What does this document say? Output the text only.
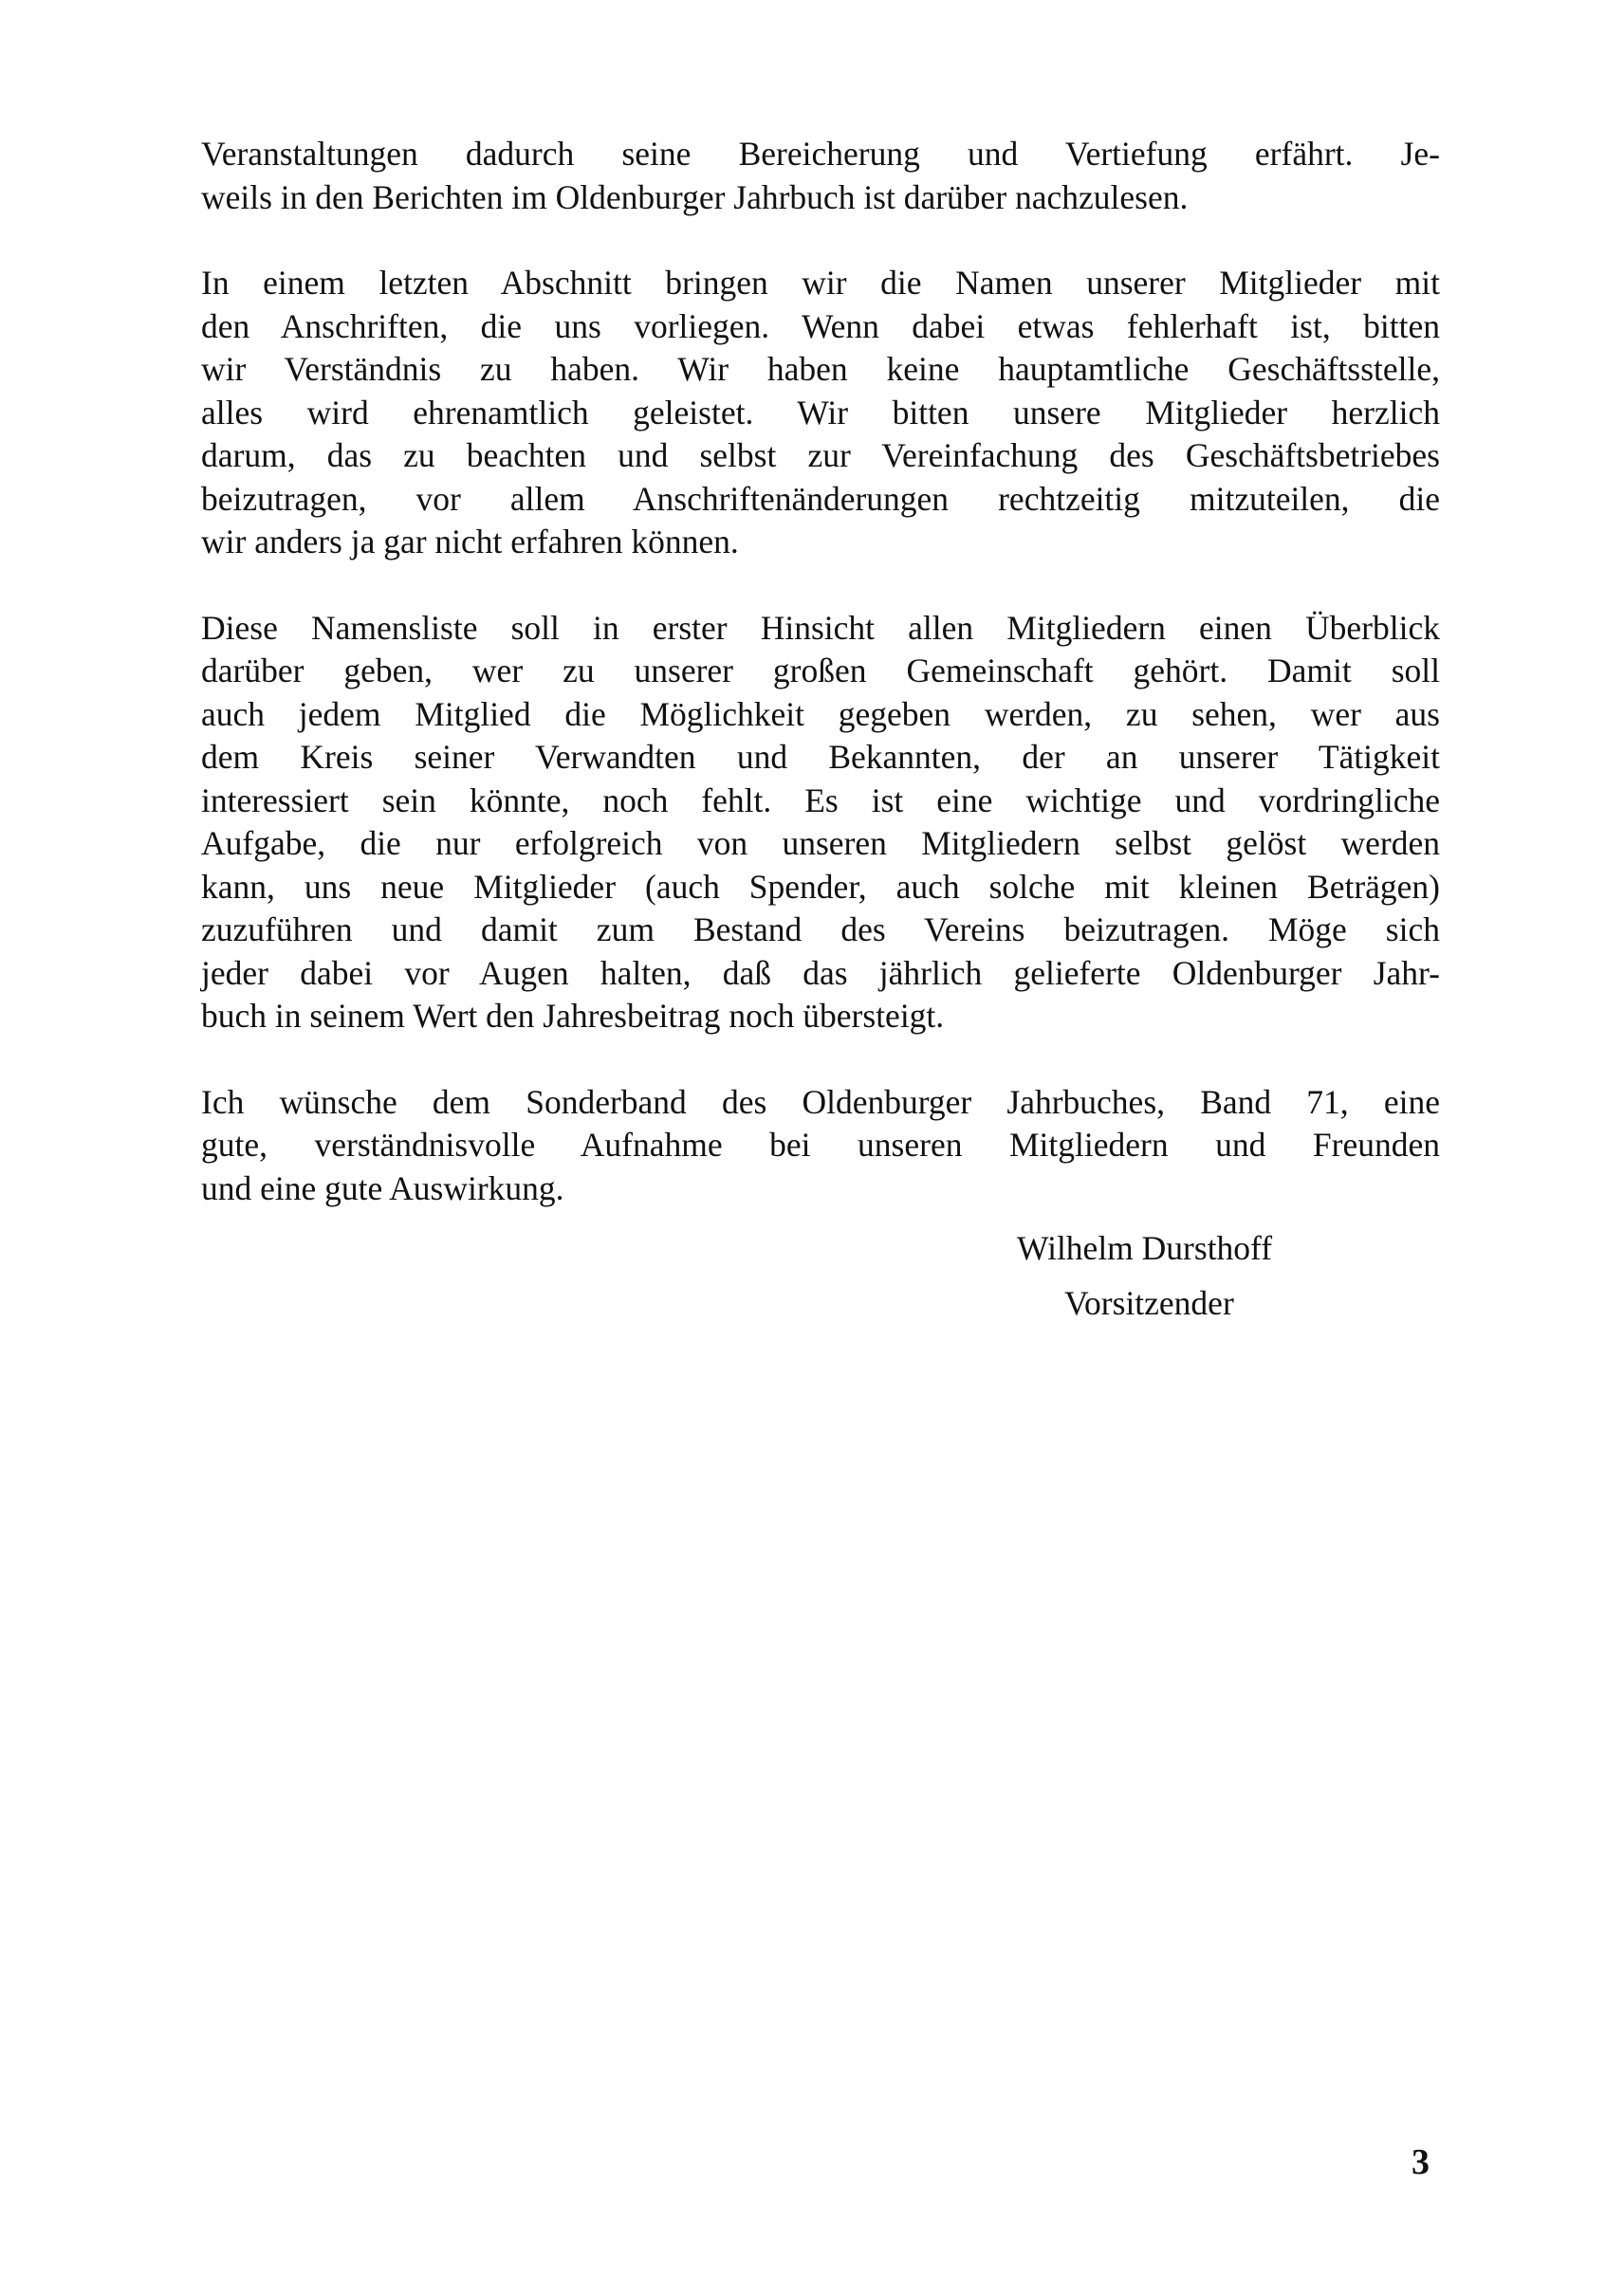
Veranstaltungen dadurch seine Bereicherung und Vertiefung erfährt. Je-
weils in den Berichten im Oldenburger Jahrbuch ist darüber nachzulesen.

In einem letzten Abschnitt bringen wir die Namen unserer Mitglieder mit
den Anschriften, die uns vorliegen. Wenn dabei etwas fehlerhaft ist, bitten
wir Verständnis zu haben. Wir haben keine hauptamtliche Geschäftsstelle,
alles wird ehrenamtlich geleistet. Wir bitten unsere Mitglieder herzlich
darum, das zu beachten und selbst zur Vereinfachung des Geschäftsbetriebes
beizutragen, vor allem Anschriftenänderungen rechtzeitig mitzuteilen, die
wir anders ja gar nicht erfahren können.

Diese Namensliste soll in erster Hinsicht allen Mitgliedern einen Überblick
darüber geben, wer zu unserer großen Gemeinschaft gehört. Damit soll
auch jedem Mitglied die Möglichkeit gegeben werden, zu sehen, wer aus
dem Kreis seiner Verwandten und Bekannten, der an unserer Tätigkeit
interessiert sein könnte, noch fehlt. Es ist eine wichtige und vordringliche
Aufgabe, die nur erfolgreich von unseren Mitgliedern selbst gelöst werden
kann, uns neue Mitglieder (auch Spender, auch solche mit kleinen Beträgen)
zuzuführen und damit zum Bestand des Vereins beizutragen. Möge sich
jeder dabei vor Augen halten, daß das jährlich gelieferte Oldenburger Jahr-
buch in seinem Wert den Jahresbeitrag noch übersteigt.

Ich wünsche dem Sonderband des Oldenburger Jahrbuches, Band 71, eine
gute, verständnisvolle Aufnahme bei unseren Mitgliedern und Freunden
und eine gute Auswirkung.

Wilhelm Dursthoff
Vorsitzender
3
